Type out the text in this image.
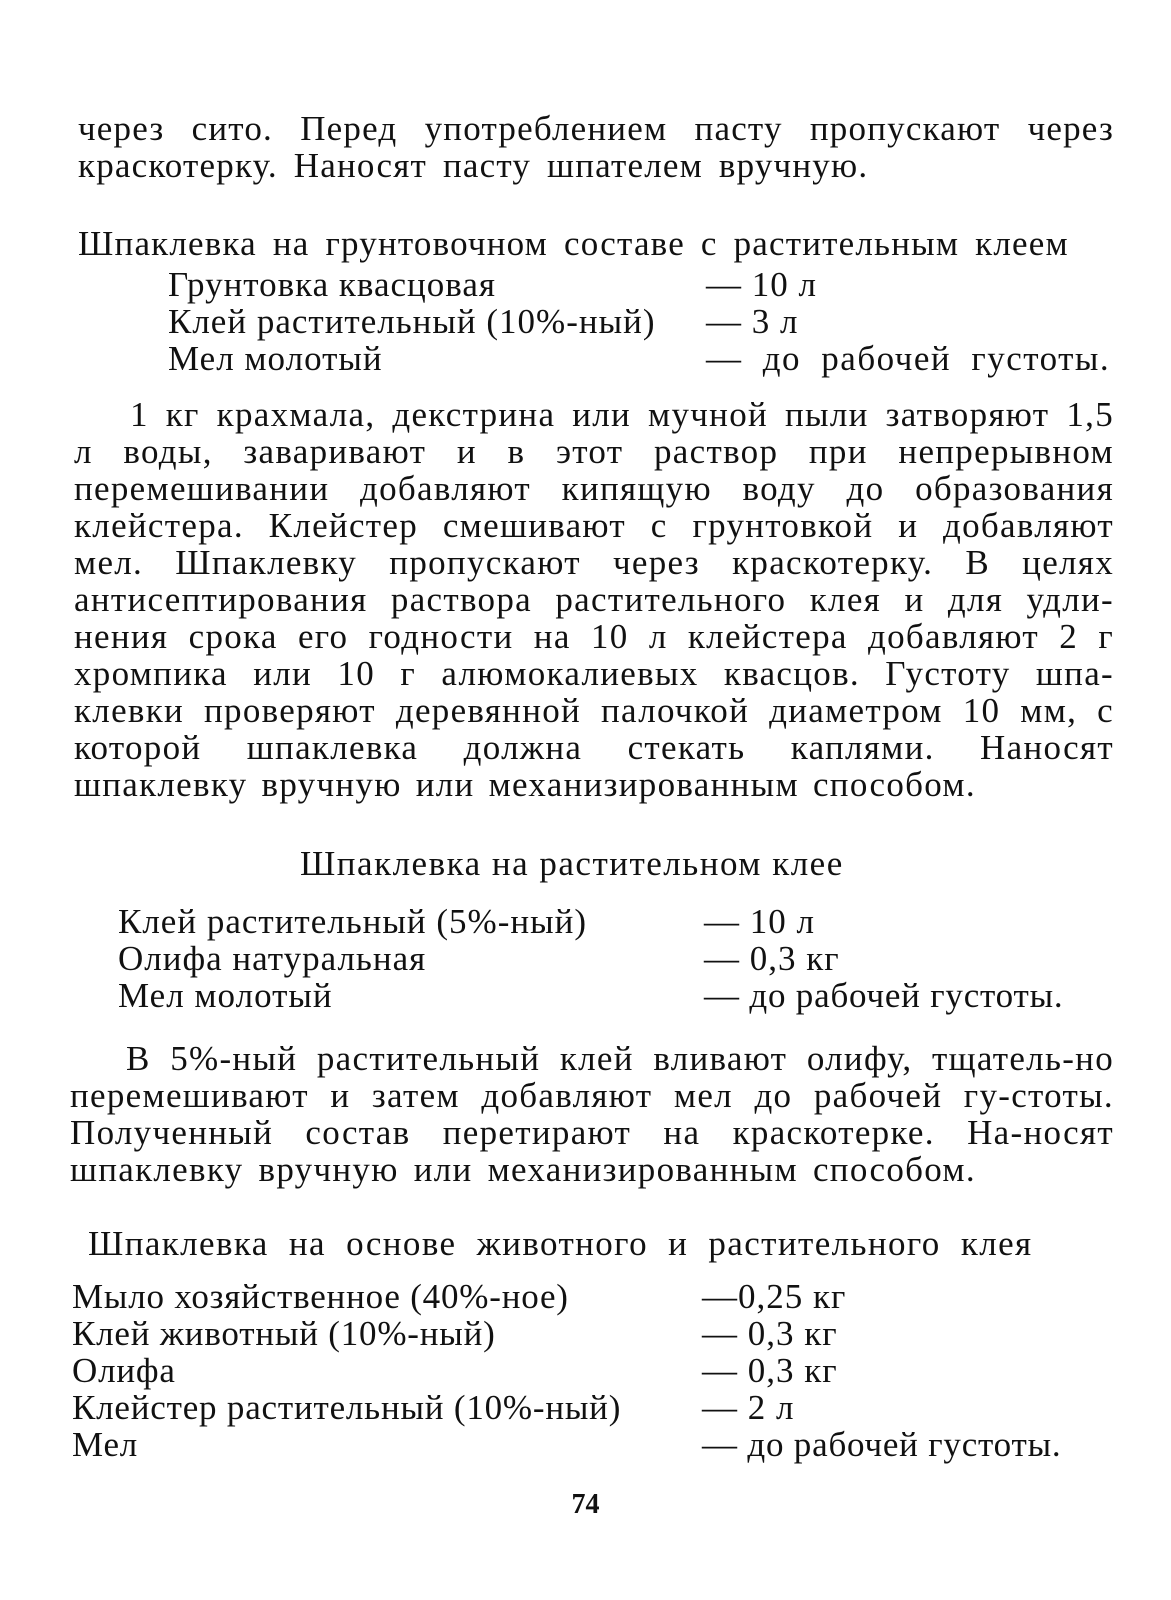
через сито. Перед употреблением пасту пропускают через
краскотерку. Наносят пасту шпателем вручную.
Шпаклевка на грунтовочном составе с растительным клеем
Грунтовка квасцовая	— 10 л
Клей растительный (10%-ный)	— 3 л
Мел молотый	— до рабочей густоты.
1 кг крахмала, декстрина или мучной пыли затворяют 1,5 л воды, заваривают и в этот раствор при непрерывном перемешивании добавляют кипящую воду до образования клейстера. Клейстер смешивают с грунтовкой и добавляют мел. Шпаклевку пропускают через краскотерку. В целях антисептирования раствора растительного клея и для удли-нения срока его годности на 10 л клейстера добавляют 2 г хромпика или 10 г алюмокалиевых квасцов. Густоту шпа-клевки проверяют деревянной палочкой диаметром 10 мм, с которой шпаклевка должна стекать каплями. Наносят шпаклевку вручную или механизированным способом.
Шпаклевка на растительном клее
Клей растительный (5%-ный)	— 10 л
Олифа натуральная	— 0,3 кг
Мел молотый	— до рабочей густоты.
В 5%-ный растительный клей вливают олифу, тщатель-но перемешивают и затем добавляют мел до рабочей гу-стоты. Полученный состав перетирают на краскотерке. На-носят шпаклевку вручную или механизированным способом.
Шпаклевка на основе животного и растительного клея
Мыло хозяйственное (40%-ное)	—0,25 кг
Клей животный (10%-ный)	— 0,3 кг
Олифа	— 0,3 кг
Клейстер растительный (10%-ный)	— 2 л
Мел	— до рабочей густоты.
74
